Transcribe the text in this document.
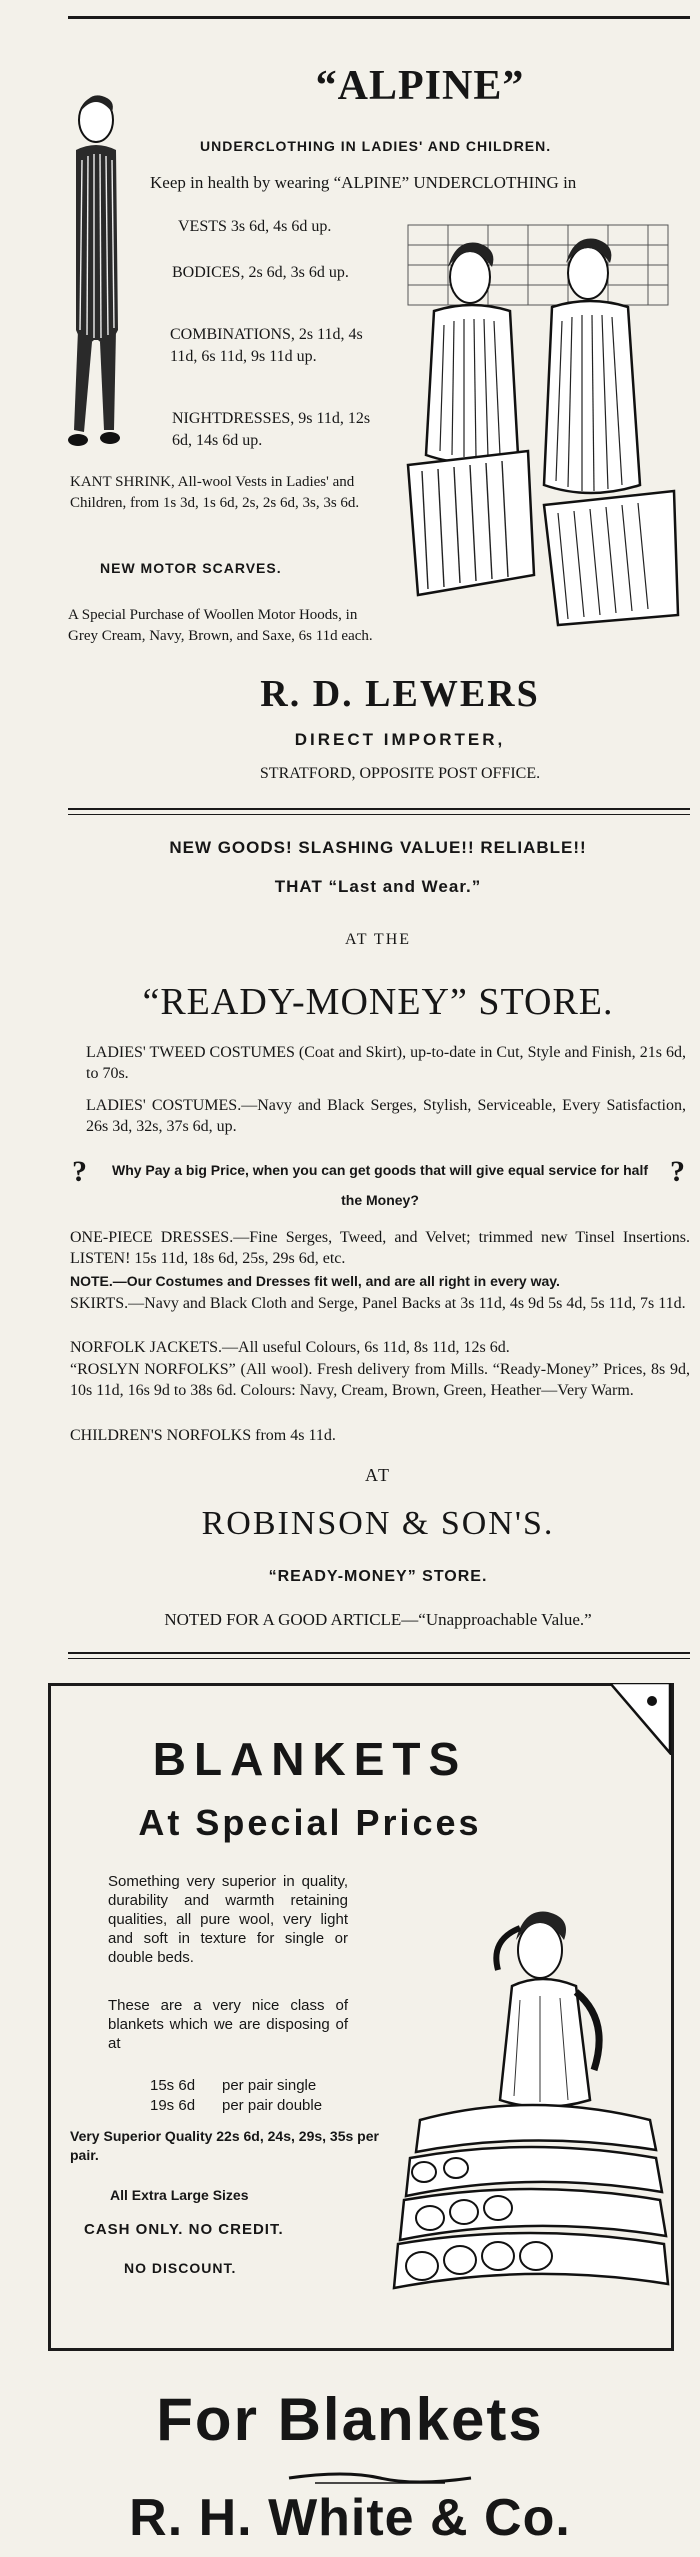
“ALPINE”
UNDERCLOTHING IN LADIES' AND CHILDREN.
Keep in health by wearing “ALPINE” UNDERCLOTHING in
VESTS 3s 6d, 4s 6d up.
BODICES, 2s 6d, 3s 6d up.
COMBINATIONS, 2s 11d, 4s 11d, 6s 11d, 9s 11d up.
NIGHTDRESSES, 9s 11d, 12s 6d, 14s 6d up.
KANT SHRINK, All-wool Vests in Ladies' and Children, from 1s 3d, 1s 6d, 2s, 2s 6d, 3s, 3s 6d.
NEW MOTOR SCARVES.
A Special Purchase of Woollen Motor Hoods, in Grey Cream, Navy, Brown, and Saxe, 6s 11d each.
R. D. LEWERS
DIRECT IMPORTER,
STRATFORD, OPPOSITE POST OFFICE.
NEW GOODS! SLASHING VALUE!! RELIABLE!!
THAT “Last and Wear.”
AT THE
“READY-MONEY” STORE.
LADIES' TWEED COSTUMES (Coat and Skirt), up-to-date in Cut, Style and Finish, 21s 6d, to 70s.
LADIES' COSTUMES.—Navy and Black Serges, Stylish, Serviceable, Every Satisfaction, 26s 3d, 32s, 37s 6d, up.
? Why Pay a big Price, when you can get goods that will give equal service for half the Money?
?
ONE-PIECE DRESSES.—Fine Serges, Tweed, and Velvet; trimmed new Tinsel Insertions. LISTEN! 15s 11d, 18s 6d, 25s, 29s 6d, etc.
NOTE.—Our Costumes and Dresses fit well, and are all right in every way.
SKIRTS.—Navy and Black Cloth and Serge, Panel Backs at 3s 11d, 4s 9d 5s 4d, 5s 11d, 7s 11d.
NORFOLK JACKETS.—All useful Colours, 6s 11d, 8s 11d, 12s 6d.
“ROSLYN NORFOLKS” (All wool). Fresh delivery from Mills. “Ready-Money” Prices, 8s 9d, 10s 11d, 16s 9d to 38s 6d. Colours: Navy, Cream, Brown, Green, Heather—Very Warm.
CHILDREN'S NORFOLKS from 4s 11d.
AT
ROBINSON & SON'S.
“READY-MONEY” STORE.
NOTED FOR A GOOD ARTICLE—“Unapproachable Value.”
BLANKETS
At Special Prices
Something very superior in quality, durability and warmth retaining qualities, all pure wool, very light and soft in texture for single or double beds.
These are a very nice class of blankets which we are disposing of at
15s 6d per pair single
19s 6d per pair double
Very Superior Quality 22s 6d, 24s, 29s, 35s per pair.
All Extra Large Sizes
CASH ONLY. NO CREDIT.
NO DISCOUNT.
For Blankets
R. H. White & Co.
